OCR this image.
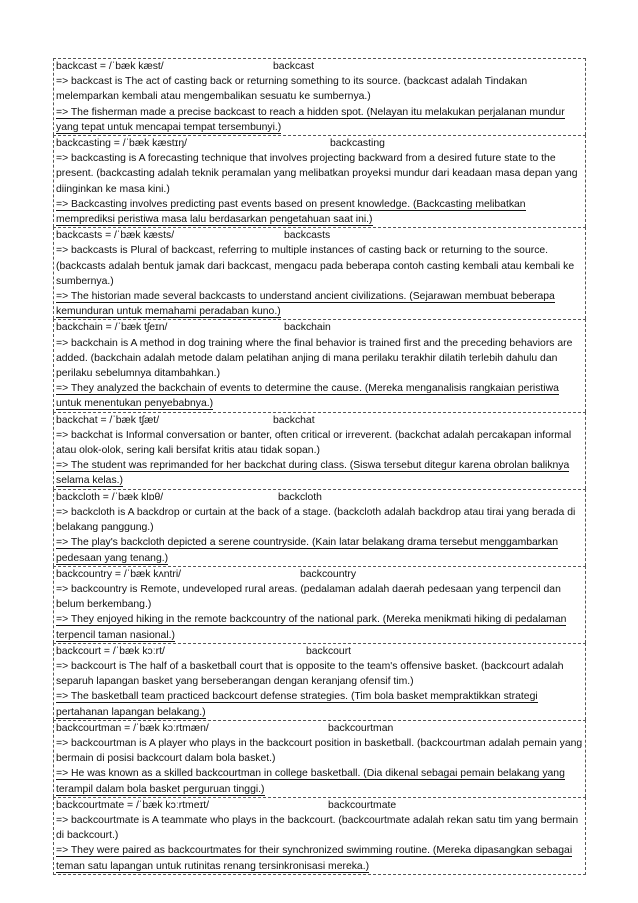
backcast = /ˈbæk kæst/	backcast

=> backcast is The act of casting back or returning something to its source. (backcast adalah Tindakan melemparkan kembali atau mengembalikan sesuatu ke sumbernya.)
=> The fisherman made a precise backcast to reach a hidden spot. (Nelayan itu melakukan perjalanan mundur yang tepat untuk mencapai tempat tersembunyi.)
backcasting = /ˈbæk kæstɪŋ/	backcasting

=> backcasting is A forecasting technique that involves projecting backward from a desired future state to the present. (backcasting adalah teknik peramalan yang melibatkan proyeksi mundur dari keadaan masa depan yang diinginkan ke masa kini.)
=> Backcasting involves predicting past events based on present knowledge. (Backcasting melibatkan memprediksi peristiwa masa lalu berdasarkan pengetahuan saat ini.)
backcasts = /ˈbæk kæsts/	backcasts

=> backcasts is Plural of backcast, referring to multiple instances of casting back or returning to the source. (backcasts adalah bentuk jamak dari backcast, mengacu pada beberapa contoh casting kembali atau kembali ke sumbernya.)
=> The historian made several backcasts to understand ancient civilizations. (Sejarawan membuat beberapa kemunduran untuk memahami peradaban kuno.)
backchain = /ˈbæk tʃeɪn/	backchain

=> backchain is A method in dog training where the final behavior is trained first and the preceding behaviors are added. (backchain adalah metode dalam pelatihan anjing di mana perilaku terakhir dilatih terlebih dahulu dan perilaku sebelumnya ditambahkan.)
=> They analyzed the backchain of events to determine the cause. (Mereka menganalisis rangkaian peristiwa untuk menentukan penyebabnya.)
backchat = /ˈbæk tʃæt/	backchat

=> backchat is Informal conversation or banter, often critical or irreverent. (backchat adalah percakapan informal atau olok-olok, sering kali bersifat kritis atau tidak sopan.)
=> The student was reprimanded for her backchat during class. (Siswa tersebut ditegur karena obrolan baliknya selama kelas.)
backcloth = /ˈbæk klɒθ/	backcloth

=> backcloth is A backdrop or curtain at the back of a stage. (backcloth adalah backdrop atau tirai yang berada di belakang panggung.)
=> The play's backcloth depicted a serene countryside. (Kain latar belakang drama tersebut menggambarkan pedesaan yang tenang.)
backcountry = /ˈbæk kʌntri/	backcountry

=> backcountry is Remote, undeveloped rural areas. (pedalaman adalah daerah pedesaan yang terpencil dan belum berkembang.)
=> They enjoyed hiking in the remote backcountry of the national park. (Mereka menikmati hiking di pedalaman terpencil taman nasional.)
backcourt = /ˈbæk kɔːrt/	backcourt

=> backcourt is The half of a basketball court that is opposite to the team's offensive basket. (backcourt adalah separuh lapangan basket yang berseberangan dengan keranjang ofensif tim.)
=> The basketball team practiced backcourt defense strategies. (Tim bola basket mempraktikkan strategi pertahanan lapangan belakang.)
backcourtman = /ˈbæk kɔːrtmæn/	backcourtman

=> backcourtman is A player who plays in the backcourt position in basketball. (backcourtman adalah pemain yang bermain di posisi backcourt dalam bola basket.)
=> He was known as a skilled backcourtman in college basketball. (Dia dikenal sebagai pemain belakang yang terampil dalam bola basket perguruan tinggi.)
backcourtmate = /ˈbæk kɔːrtmeɪt/	backcourtmate

=> backcourtmate is A teammate who plays in the backcourt. (backcourtmate adalah rekan satu tim yang bermain di backcourt.)
=> They were paired as backcourtmates for their synchronized swimming routine. (Mereka dipasangkan sebagai teman satu lapangan untuk rutinitas renang tersinkronisasi mereka.)
